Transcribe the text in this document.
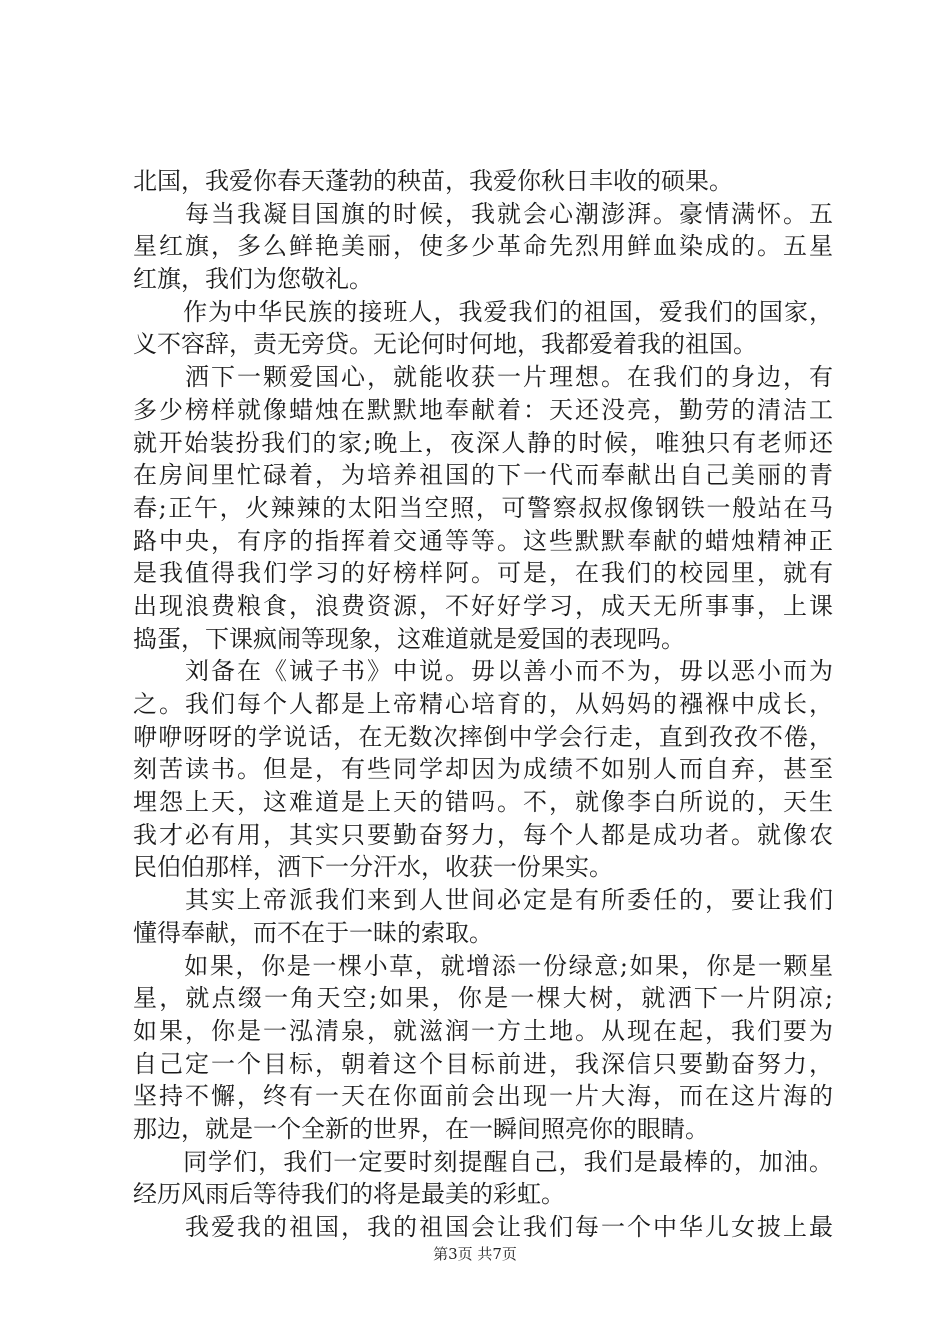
北国，我爱你春天蓬勃的秧苗，我爱你秋日丰收的硕果。
　　每当我凝目国旗的时候，我就会心潮澎湃。豪情满怀。五
星红旗，多么鲜艳美丽，使多少革命先烈用鲜血染成的。五星
红旗，我们为您敬礼。
　　作为中华民族的接班人，我爱我们的祖国，爱我们的国家，
义不容辞，责无旁贷。无论何时何地，我都爱着我的祖国。
　　洒下一颗爱国心，就能收获一片理想。在我们的身边，有
多少榜样就像蜡烛在默默地奉献着：天还没亮，勤劳的清洁工
就开始装扮我们的家;晚上，夜深人静的时候，唯独只有老师还
在房间里忙碌着，为培养祖国的下一代而奉献出自己美丽的青
春;正午，火辣辣的太阳当空照，可警察叔叔像钢铁一般站在马
路中央，有序的指挥着交通等等。这些默默奉献的蜡烛精神正
是我值得我们学习的好榜样阿。可是，在我们的校园里，就有
出现浪费粮食，浪费资源，不好好学习，成天无所事事，上课
捣蛋，下课疯闹等现象，这难道就是爱国的表现吗。
　　刘备在《诫子书》中说。毋以善小而不为，毋以恶小而为
之。我们每个人都是上帝精心培育的，从妈妈的襁褓中成长，
咿咿呀呀的学说话，在无数次摔倒中学会行走，直到孜孜不倦，
刻苦读书。但是，有些同学却因为成绩不如别人而自弃，甚至
埋怨上天，这难道是上天的错吗。不，就像李白所说的，天生
我才必有用，其实只要勤奋努力，每个人都是成功者。就像农
民伯伯那样，洒下一分汗水，收获一份果实。
　　其实上帝派我们来到人世间必定是有所委任的，要让我们
懂得奉献，而不在于一昧的索取。
　　如果，你是一棵小草，就增添一份绿意;如果，你是一颗星
星，就点缀一角天空;如果，你是一棵大树，就洒下一片阴凉;
如果，你是一泓清泉，就滋润一方土地。从现在起，我们要为
自己定一个目标，朝着这个目标前进，我深信只要勤奋努力，
坚持不懈，终有一天在你面前会出现一片大海，而在这片海的
那边，就是一个全新的世界，在一瞬间照亮你的眼睛。
　　同学们，我们一定要时刻提醒自己，我们是最棒的，加油。
经历风雨后等待我们的将是最美的彩虹。
　　我爱我的祖国，我的祖国会让我们每一个中华儿女披上最
第3页 共7页
